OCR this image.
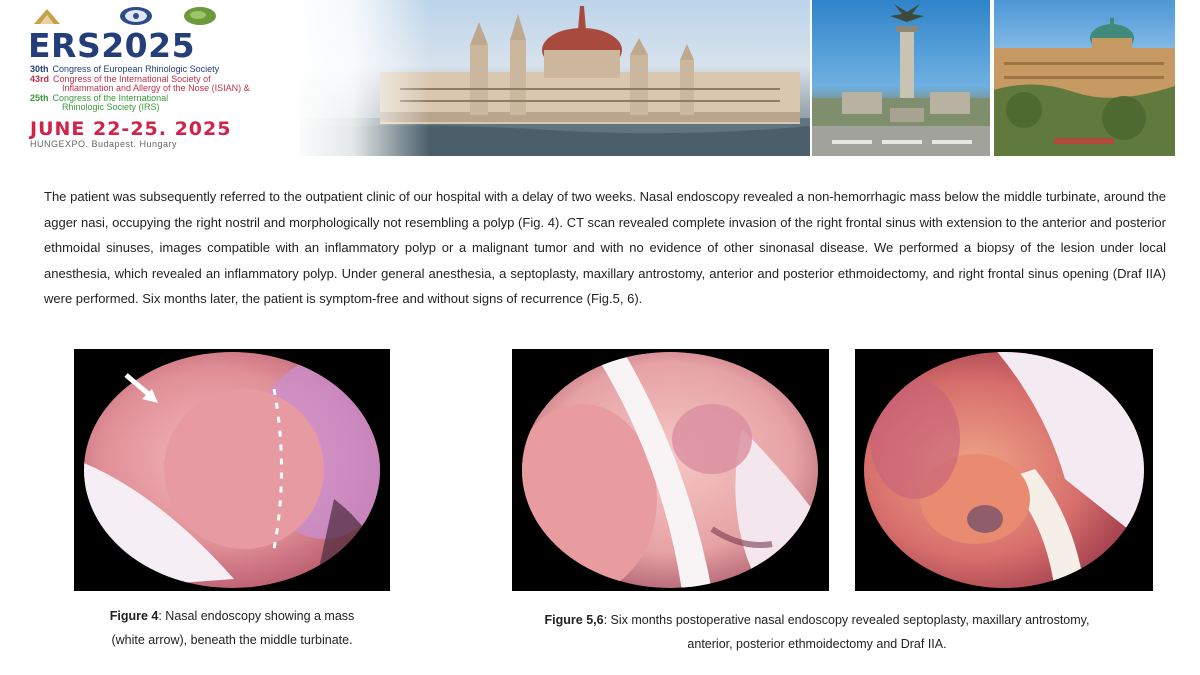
ERS2025
30th Congress of European Rhinologic Society
43rd Congress of the International Society of
Inflammation and Allergy of the Nose (ISIAN) &
25th Congress of the International
Rhinologic Society (IRS)
JUNE 22-25. 2025
HUNGEXPO. Budapest. Hungary

The patient was subsequently referred to the outpatient clinic of our hospital with a delay of two weeks. Nasal endoscopy revealed a non-hemorrhagic mass below the middle turbinate, around the agger nasi, occupying the right nostril and morphologically not resembling a polyp (Fig. 4). CT scan revealed complete invasion of the right frontal sinus with extension to the anterior and posterior ethmoidal sinuses, images compatible with an inflammatory polyp or a malignant tumor and with no evidence of other sinonasal disease. We performed a biopsy of the lesion under local anesthesia, which revealed an inflammatory polyp. Under general anesthesia, a septoplasty, maxillary antrostomy, anterior and posterior ethmoidectomy, and right frontal sinus opening (Draf IIA) were performed. Six months later, the patient is symptom-free and without signs of recurrence (Fig.5, 6).

Figure 4: Nasal endoscopy showing a mass
(white arrow), beneath the middle turbinate.
Figure 5,6: Six months postoperative nasal endoscopy revealed septoplasty, maxillary antrostomy,
anterior, posterior ethmoidectomy and Draf IIA.
